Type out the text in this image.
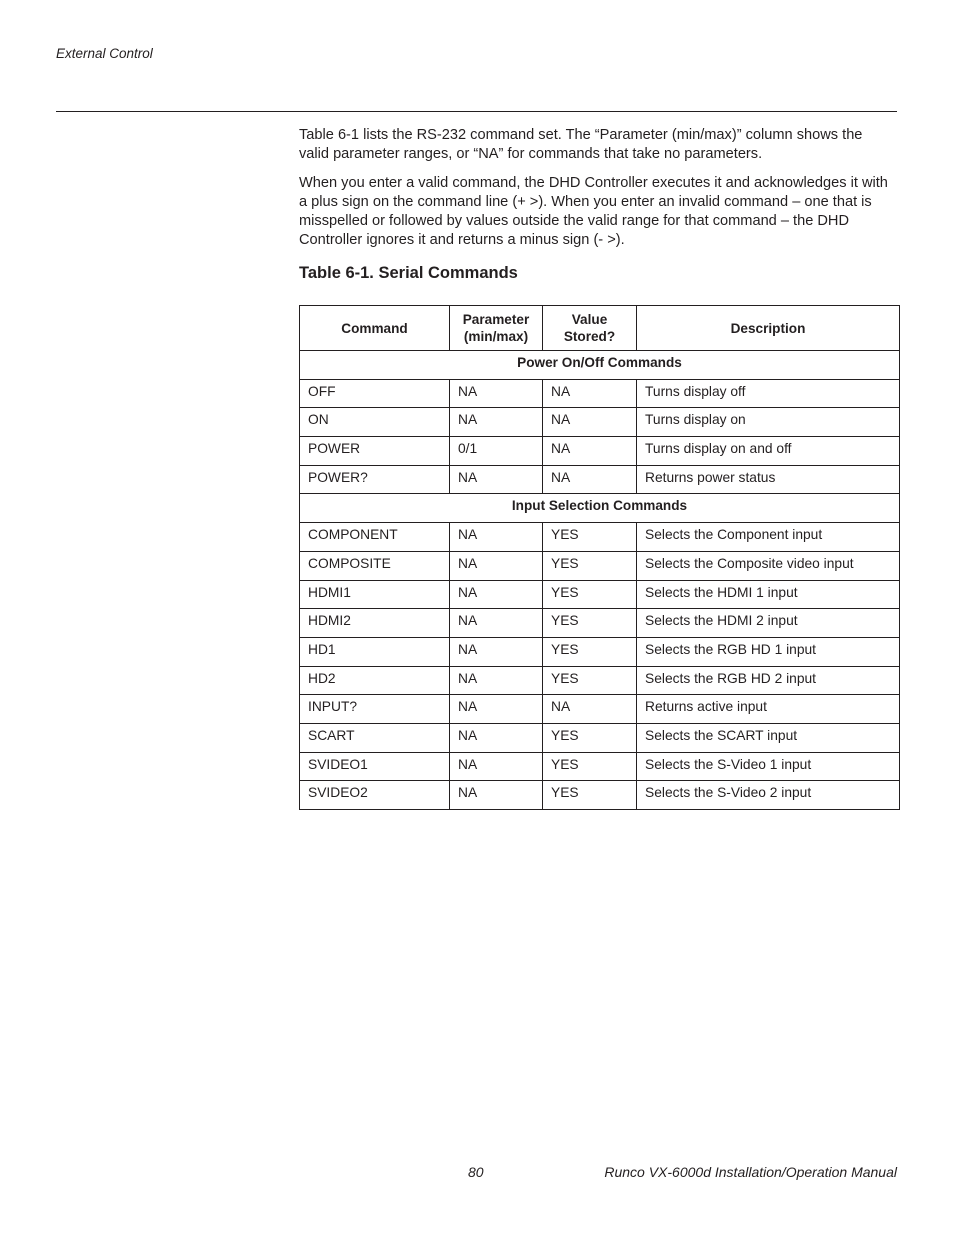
External Control

Table 6-1 lists the RS-232 command set. The “Parameter (min/max)” column shows the valid parameter ranges, or “NA” for commands that take no parameters.

When you enter a valid command, the DHD Controller executes it and acknowledges it with a plus sign on the command line (+ >). When you enter an invalid command – one that is misspelled or followed by values outside the valid range for that command – the DHD Controller ignores it and returns a minus sign (- >).

Table 6-1. Serial Commands
Command	Parameter (min/max)	Value Stored?	Description
Power On/Off Commands			
OFF	NA	NA	Turns display off
ON	NA	NA	Turns display on
POWER	0/1	NA	Turns display on and off
POWER?	NA	NA	Returns power status
Input Selection Commands			
COMPONENT	NA	YES	Selects the Component input
COMPOSITE	NA	YES	Selects the Composite video input
HDMI1	NA	YES	Selects the HDMI 1 input
HDMI2	NA	YES	Selects the HDMI 2 input
HD1	NA	YES	Selects the RGB HD 1 input
HD2	NA	YES	Selects the RGB HD 2 input
INPUT?	NA	NA	Returns active input
SCART	NA	YES	Selects the SCART input
SVIDEO1	NA	YES	Selects the S-Video 1 input
SVIDEO2	NA	YES	Selects the S-Video 2 input
80	Runco VX-6000d Installation/Operation Manual
